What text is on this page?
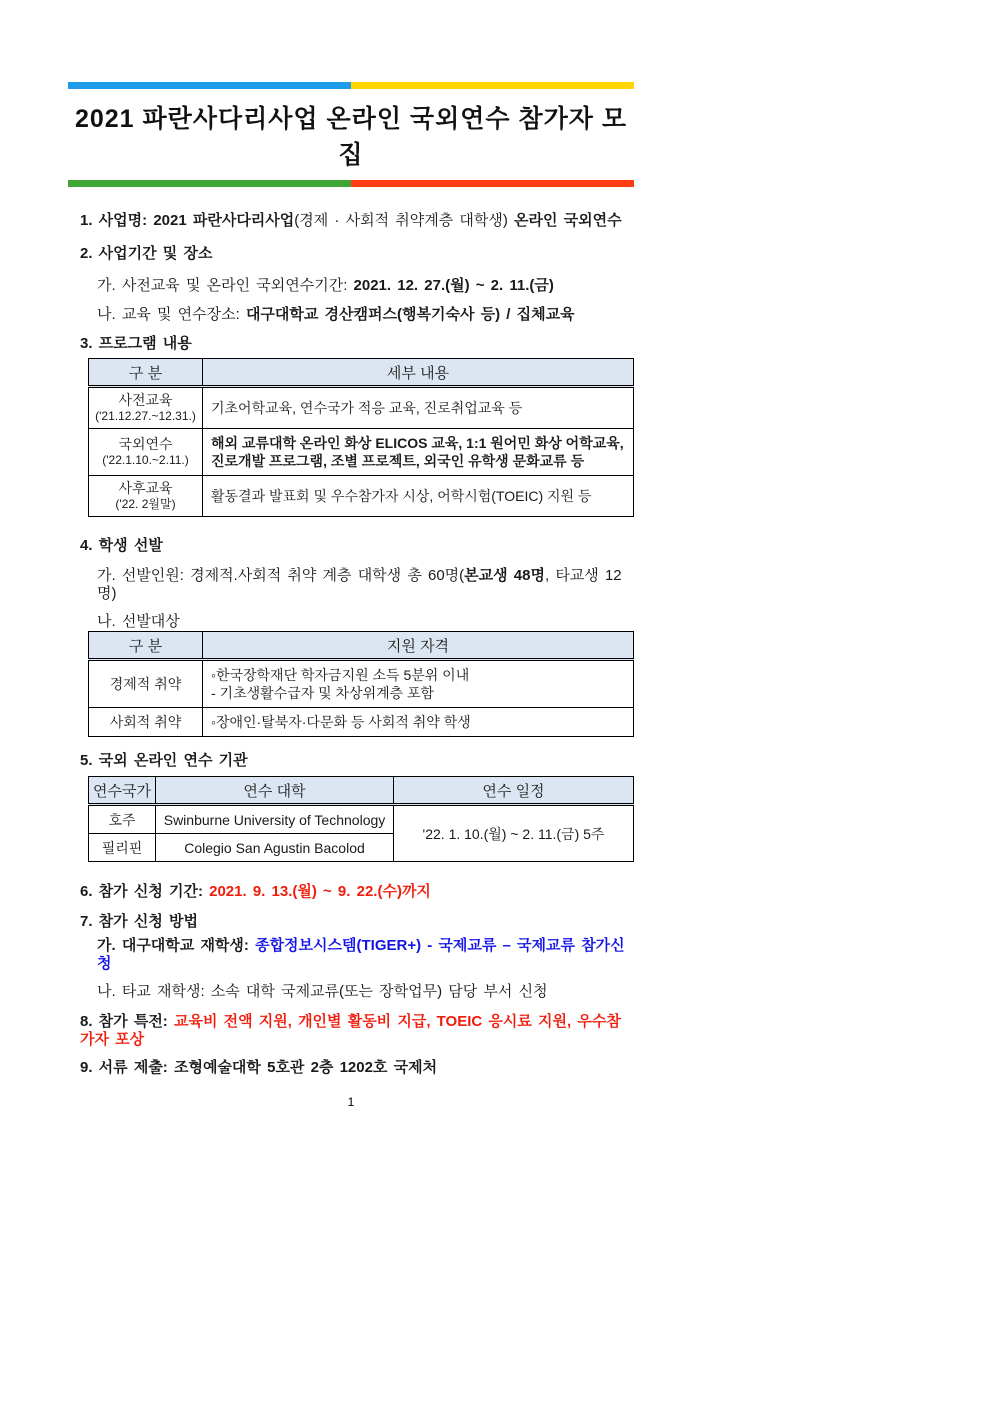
2021 파란사다리사업 온라인 국외연수 참가자 모집

1. 사업명: 2021 파란사다리사업(경제 · 사회적 취약계층 대학생) 온라인 국외연수

2. 사업기간 및 장소

가. 사전교육 및 온라인 국외연수기간: 2021. 12. 27.(월) ~ 2. 11.(금)

나. 교육 및 연수장소: 대구대학교 경산캠퍼스(행복기숙사 등) / 집체교육

3. 프로그램 내용

구 분	세부 내용
사전교육
('21.12.27.~12.31.)	기초어학교육, 연수국가 적응 교육, 진로취업교육 등
국외연수
('22.1.10.~2.11.)	해외 교류대학 온라인 화상 ELICOS 교육, 1:1 원어민 화상 어학교육, 진로개발 프로그램, 조별 프로젝트, 외국인 유학생 문화교류 등
사후교육
('22. 2월말)	활동결과 발표회 및 우수참가자 시상, 어학시험(TOEIC) 지원 등

4. 학생 선발

가. 선발인원: 경제적.사회적 취약 계층 대학생 총 60명(본교생 48명, 타교생 12명)

나. 선발대상

구 분	지원 자격
경제적 취약	◦한국장학재단 학자금지원 소득 5분위 이내
- 기초생활수급자 및 차상위계층 포함

사회적 취약	◦장애인·탈북자·다문화 등 사회적 취약 학생

5. 국외 온라인 연수 기관

연수국가	연수 대학	연수 일정
호주	Swinburne University of Technology	'22. 1. 10.(월) ~ 2. 11.(금) 5주
필리핀	Colegio San Agustin Bacolod	

6. 참가 신청 기간: 2021. 9. 13.(월) ~ 9. 22.(수)까지

7. 참가 신청 방법

가. 대구대학교 재학생: 종합정보시스템(TIGER+) - 국제교류 – 국제교류 참가신청

나. 타교 재학생: 소속 대학 국제교류(또는 장학업무) 담당 부서 신청

8. 참가 특전: 교육비 전액 지원, 개인별 활동비 지급, TOEIC 응시료 지원, 우수참가자 포상

9. 서류 제출: 조형예술대학 5호관 2층 1202호 국제처

1
